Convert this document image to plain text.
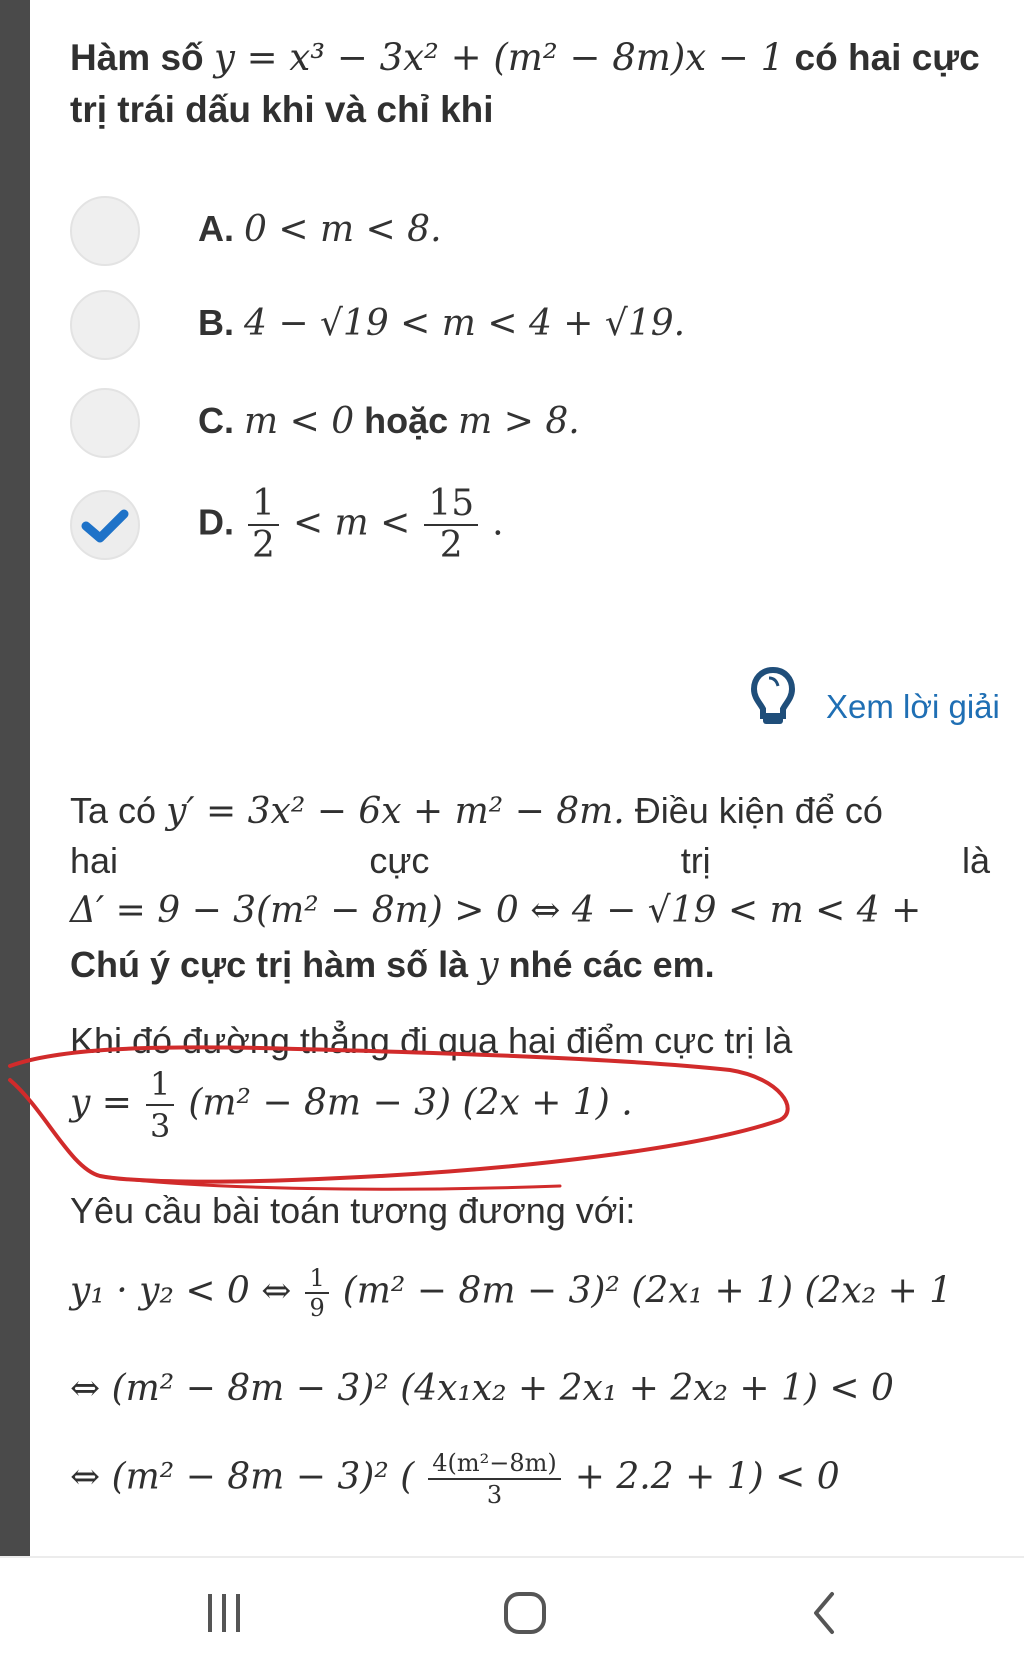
Hàm số y = x³ − 3x² + (m² − 8m)x − 1 có hai cực trị trái dấu khi và chỉ khi
A. 0 < m < 8.
B. 4 − √19 < m < 4 + √19.
C. m < 0 hoặc m > 8.
D. $\frac{1}{2} < m < \frac{15}{2}$ .
Xem lời giải
Ta có y′ = 3x² − 6x + m² − 8m. Điều kiện để có
hai	cực	trị	là
Δ′ = 9 − 3(m² − 8m) > 0 ⇔ 4 − √19 < m < 4 +
Chú ý cực trị hàm số là y nhé các em.
Khi đó đường thẳng đi qua hai điểm cực trị là
$y = \frac{1}{3} (m^2 - 8m - 3) (2x + 1)$ .
Yêu cầu bài toán tương đương với:
y₁ · y₂ < 0 ⇔ $\frac{1}{9} (m^2 - 8m - 3)^2$ (2x₁ + 1) (2x₂ + 1
⇔ (m² − 8m − 3)² (4x₁x₂ + 2x₁ + 2x₂ + 1) < 0
⇔ (m² − 8m − 3)² ( $\frac{\text{4(m²−8m)}}{3} + 2.2 + 1) < 0$
